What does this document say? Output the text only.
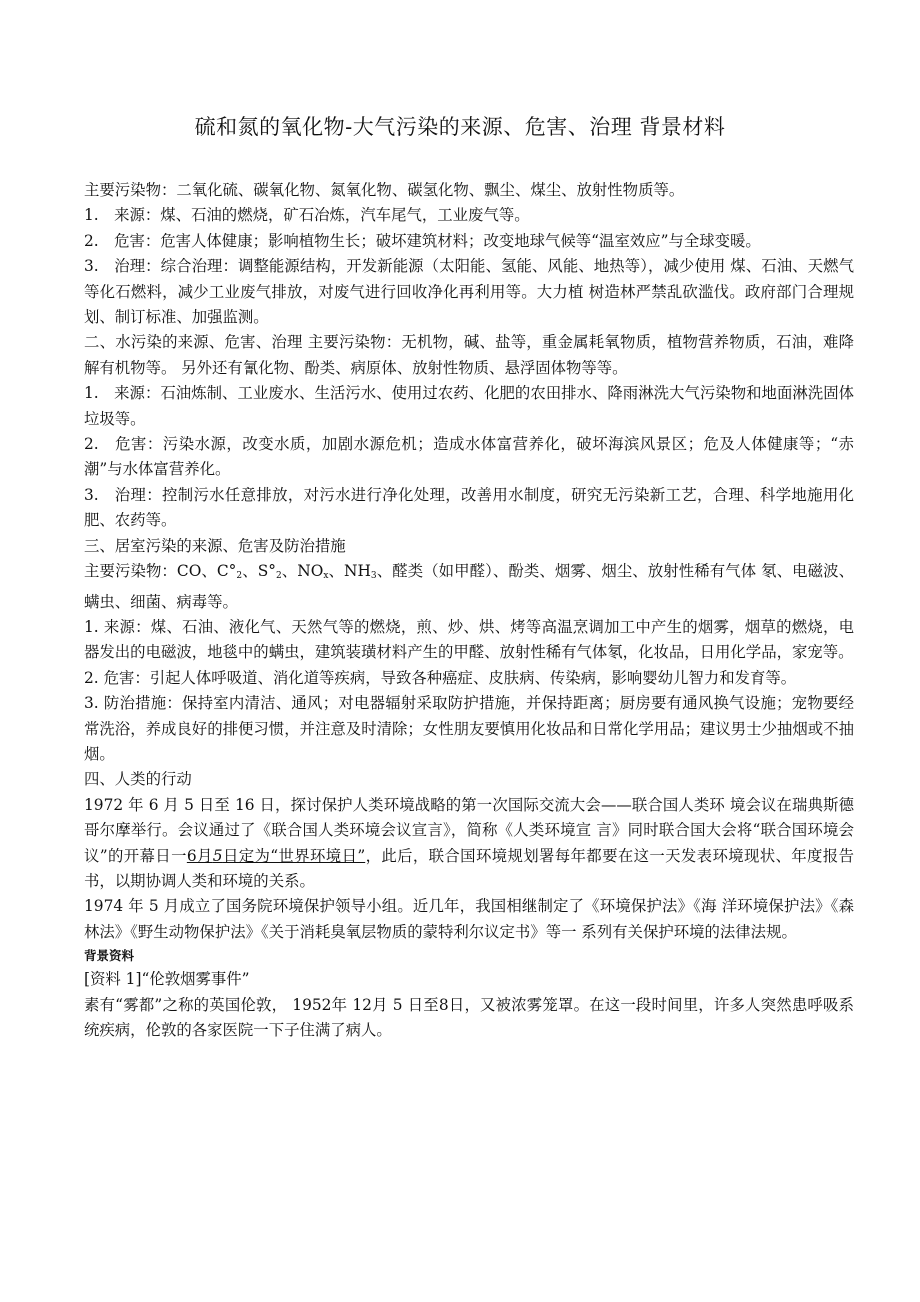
硫和氮的氧化物-大气污染的来源、危害、治理 背景材料

主要污染物：二氧化硫、碳氧化物、氮氧化物、碳氢化物、飘尘、煤尘、放射性物质等。

1.　来源：煤、石油的燃烧，矿石冶炼，汽车尾气，工业废气等。

2.　危害：危害人体健康；影响植物生长；破坏建筑材料；改变地球气候等“温室效应”与全球变暖。

3.　治理：综合治理：调整能源结构，开发新能源（太阳能、氢能、风能、地热等），减少使用 煤、石油、天燃气等化石燃料，减少工业废气排放，对废气进行回收净化再利用等。大力植 树造林严禁乱砍滥伐。政府部门合理规划、制订标准、加强监测。

二、水污染的来源、危害、治理 主要污染物：无机物，碱、盐等，重金属耗氧物质，植物营养物质，石油，难降解有机物等。 另外还有氰化物、酚类、病原体、放射性物质、悬浮固体物等等。

1.　来源：石油炼制、工业废水、生活污水、使用过农药、化肥的农田排水、降雨淋洗大气污染物和地面淋洗固体垃圾等。

2.　危害：污染水源，改变水质，加剧水源危机；造成水体富营养化，破坏海滨风景区；危及人体健康等；“赤潮”与水体富营养化。

3.　治理：控制污水任意排放，对污水进行净化处理，改善用水制度，研究无污染新工艺，合理、科学地施用化肥、农药等。

三、居室污染的来源、危害及防治措施

主要污染物：CO、C°2、S°2、NOx、NH3、醛类（如甲醛）、酚类、烟雾、烟尘、放射性稀有气体 氡、电磁波、螨虫、细菌、病毒等。

1. 来源：煤、石油、液化气、天然气等的燃烧，煎、炒、烘、烤等高温烹调加工中产生的烟雾，烟草的燃烧，电器发出的电磁波，地毯中的螨虫，建筑装璜材料产生的甲醛、放射性稀有气体氡，化妆品，日用化学品，家宠等。

2. 危害：引起人体呼吸道、消化道等疾病，导致各种癌症、皮肤病、传染病，影响婴幼儿智力和发育等。

3. 防治措施：保持室内清洁、通风；对电器辐射采取防护措施，并保持距离；厨房要有通风换气设施；宠物要经常洗浴，养成良好的排便习惯，并注意及时清除；女性朋友要慎用化妆品和日常化学用品；建议男士少抽烟或不抽烟。

四、人类的行动

1972 年 6 月 5 日至 16 日，探讨保护人类环境战略的第一次国际交流大会——联合国人类环 境会议在瑞典斯德哥尔摩举行。会议通过了《联合国人类环境会议宣言》，简称《人类环境宣 言》同时联合国大会将“联合国环境会议”的开幕日一6月5日定为“世界环境日”，此后，联合国环境规划署每年都要在这一天发表环境现状、年度报告书，以期协调人类和环境的关系。

1974 年 5 月成立了国务院环境保护领导小组。近几年，我国相继制定了《环境保护法》《海 洋环境保护法》《森林法》《野生动物保护法》《关于消耗臭氧层物质的蒙特利尔议定书》等一 系列有关保护环境的法律法规。

背景资料

[资料 1]“伦敦烟雾事件”

素有“雾都”之称的英国伦敦， 1952年 12月 5 日至8日，又被浓雾笼罩。在这一段时间里，许多人突然患呼吸系统疾病，伦敦的各家医院一下子住满了病人。
